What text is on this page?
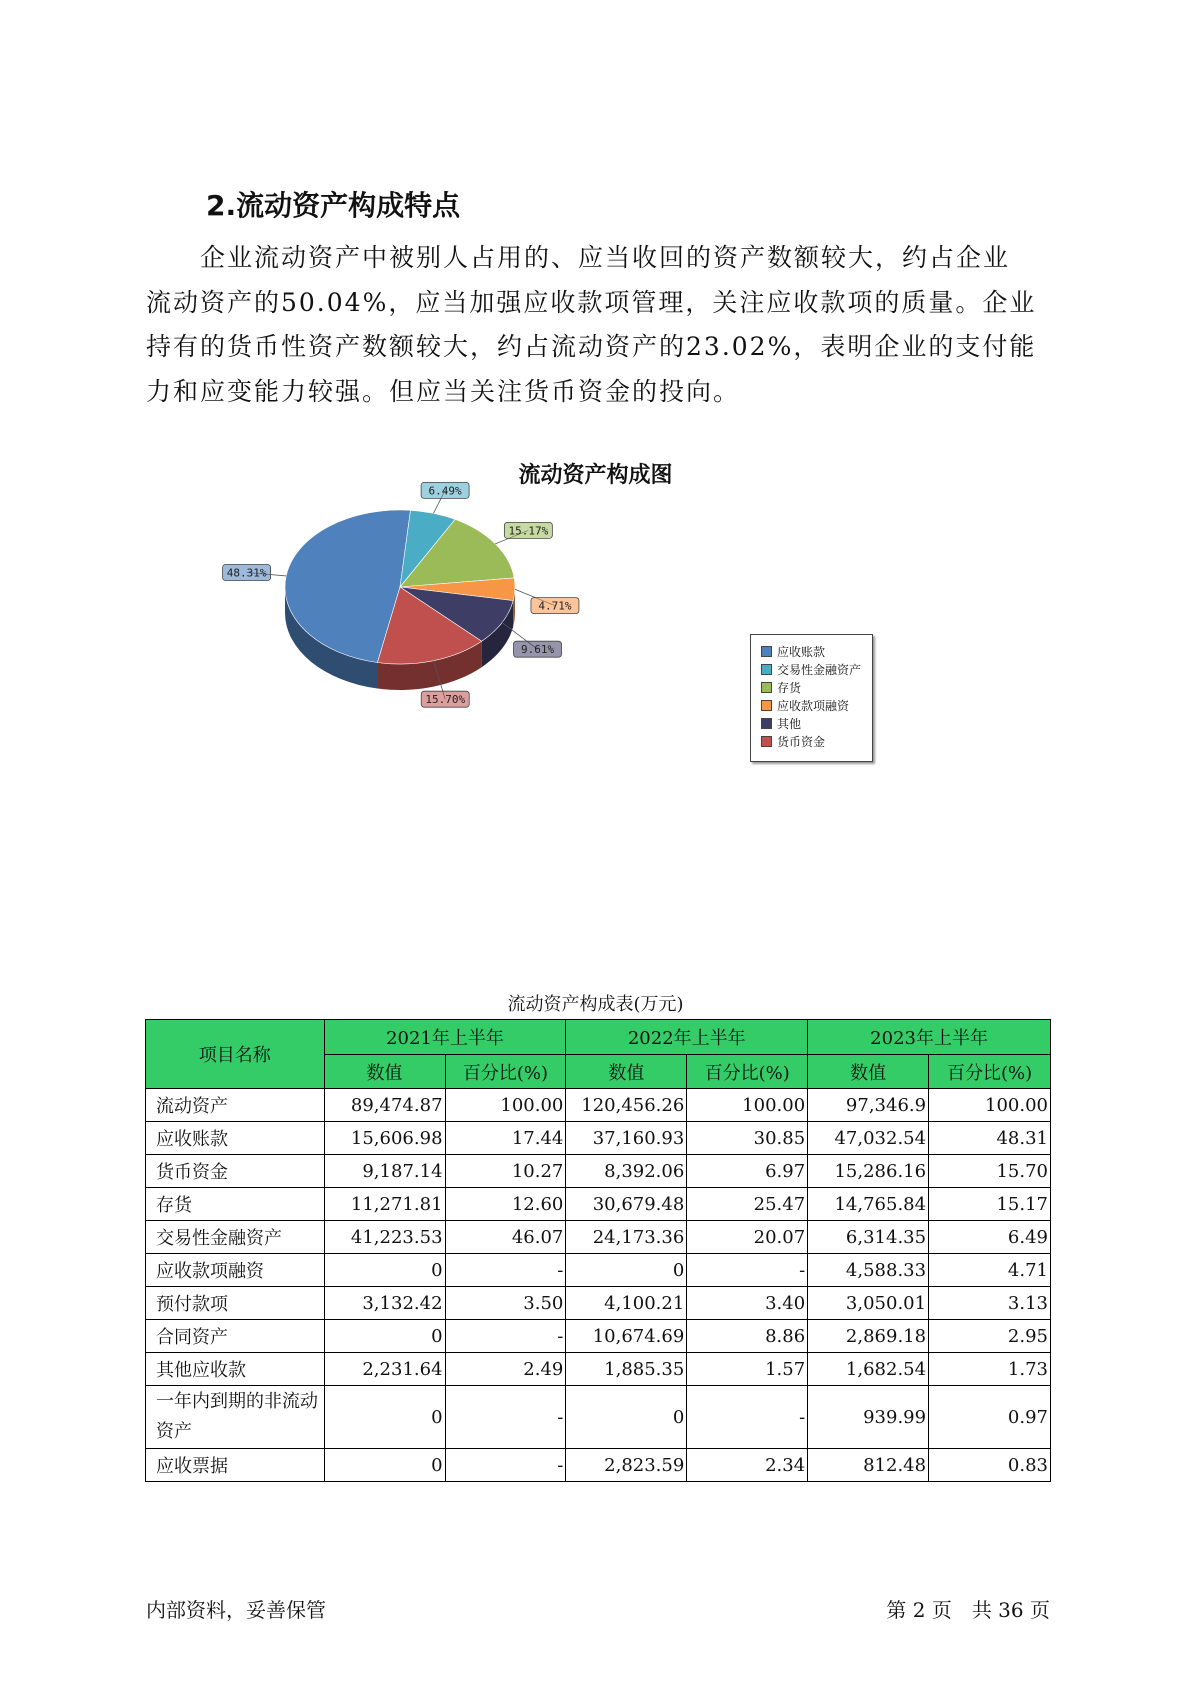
2.流动资产构成特点

　　企业流动资产中被别人占用的、应当收回的资产数额较大，约占企业
流动资产的50.04%，应当加强应收款项管理，关注应收款项的质量。企业
持有的货币性资产数额较大，约占流动资产的23.02%，表明企业的支付能
力和应变能力较强。但应当关注货币资金的投向。

流动资产构成图
48.31%
6.49%
15.17%
4.71%
9.61%
15.70%
应收账款
交易性金融资产
存货
应收款项融资
其他
货币资金

流动资产构成表(万元)

项目名称	2021年上半年		2022年上半年		2023年上半年	
	数值	百分比(%)	数值	百分比(%)	数值	百分比(%)
流动资产	89,474.87	100.00	120,456.26	100.00	97,346.9	100.00
应收账款	15,606.98	17.44	37,160.93	30.85	47,032.54	48.31
货币资金	9,187.14	10.27	8,392.06	6.97	15,286.16	15.70
存货	11,271.81	12.60	30,679.48	25.47	14,765.84	15.17
交易性金融资产	41,223.53	46.07	24,173.36	20.07	6,314.35	6.49
应收款项融资	0	-	0	-	4,588.33	4.71
预付款项	3,132.42	3.50	4,100.21	3.40	3,050.01	3.13
合同资产	0	-	10,674.69	8.86	2,869.18	2.95
其他应收款	2,231.64	2.49	1,885.35	1.57	1,682.54	1.73
一年内到期的非流动资产	0	-	0	-	939.99	0.97
应收票据	0	-	2,823.59	2.34	812.48	0.83

内部资料，妥善保管	第 2 页　共 36 页
